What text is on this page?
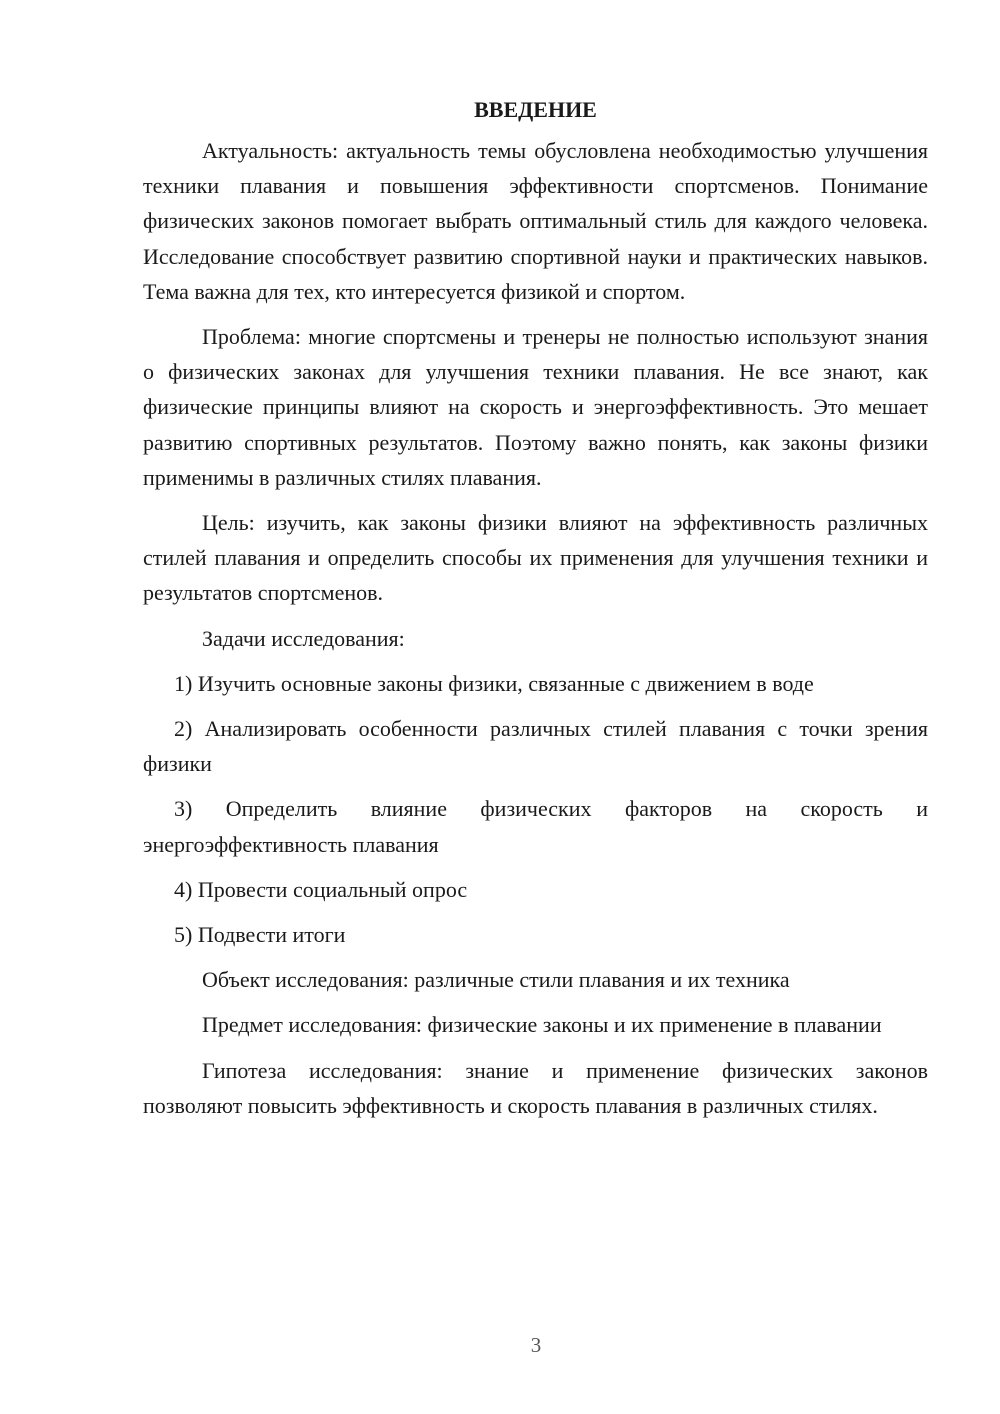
ВВЕДЕНИЕ

Актуальность: актуальность темы обусловлена необходимостью улучшения техники плавания и повышения эффективности спортсменов. Понимание физических законов помогает выбрать оптимальный стиль для каждого человека. Исследование способствует развитию спортивной науки и практических навыков. Тема важна для тех, кто интересуется физикой и спортом.

Проблема: многие спортсмены и тренеры не полностью используют знания о физических законах для улучшения техники плавания. Не все знают, как физические принципы влияют на скорость и энергоэффективность. Это мешает развитию спортивных результатов. Поэтому важно понять, как законы физики применимы в различных стилях плавания.

Цель: изучить, как законы физики влияют на эффективность различных стилей плавания и определить способы их применения для улучшения техники и результатов спортсменов.

Задачи исследования:

1) Изучить основные законы физики, связанные с движением в воде

2) Анализировать особенности различных стилей плавания с точки зрения физики

3) Определить влияние физических факторов на скорость и энергоэффективность плавания

4) Провести социальный опрос

5) Подвести итоги

Объект исследования: различные стили плавания и их техника

Предмет исследования: физические законы и их применение в плавании

Гипотеза исследования: знание и применение физических законов позволяют повысить эффективность и скорость плавания в различных стилях.

3
